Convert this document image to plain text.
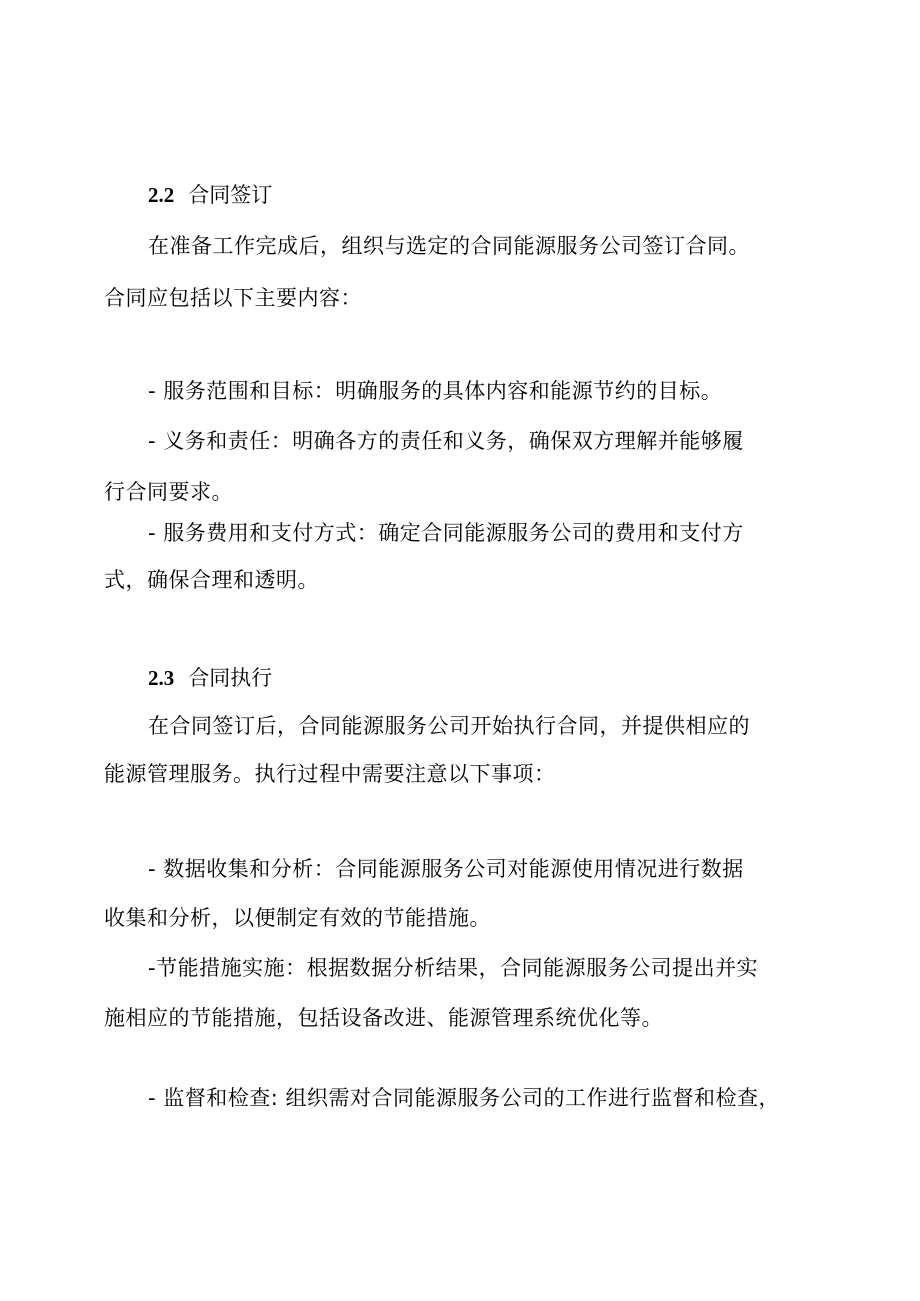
2.2 合同签订
在准备工作完成后，组织与选定的合同能源服务公司签订合同。
合同应包括以下主要内容：
- 服务范围和目标：明确服务的具体内容和能源节约的目标。
- 义务和责任：明确各方的责任和义务，确保双方理解并能够履
行合同要求。
- 服务费用和支付方式：确定合同能源服务公司的费用和支付方
式，确保合理和透明。
2.3 合同执行
在合同签订后，合同能源服务公司开始执行合同，并提供相应的
能源管理服务。执行过程中需要注意以下事项：
- 数据收集和分析：合同能源服务公司对能源使用情况进行数据
收集和分析，以便制定有效的节能措施。
-节能措施实施：根据数据分析结果，合同能源服务公司提出并实
施相应的节能措施，包括设备改进、能源管理系统优化等。
- 监督和检查: 组织需对合同能源服务公司的工作进行监督和检查，
